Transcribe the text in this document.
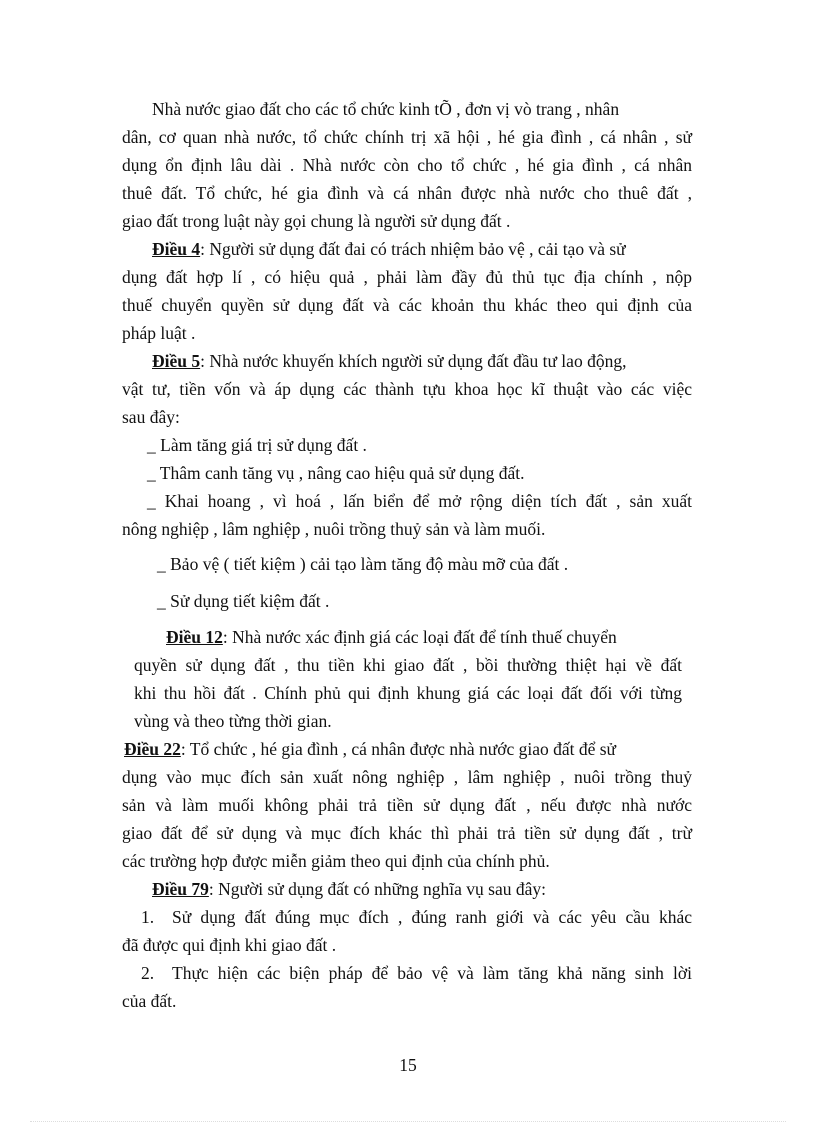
Nhà nước giao đất cho các tổ chức kinh tÕ , đơn vị vò trang , nhân
dân, cơ quan nhà nước, tổ chức chính trị xã hội , hé gia đình , cá nhân , sử
dụng ổn định lâu dài . Nhà nước còn cho tổ chức , hé gia đình , cá nhân
thuê đất. Tổ chức, hé gia đình và cá nhân được nhà nước cho thuê đất ,
giao đất trong luật này gọi chung là người sử dụng đất .
Điều 4: Người sử dụng đất đai có trách nhiệm bảo vệ , cải tạo và sử
dụng đất hợp lí , có hiệu quả , phải làm đầy đủ thủ tục địa chính , nộp
thuế chuyển quyền sử dụng đất và các khoản thu khác theo qui định của
pháp luật .
Điều 5: Nhà nước khuyến khích người sử dụng đất đầu tư lao động,
vật tư, tiền vốn và áp dụng các thành tựu khoa học kĩ thuật vào các việc
sau đây:
_ Làm tăng giá trị sử dụng đất .
_ Thâm canh tăng vụ , nâng cao hiệu quả sử dụng đất.
_ Khai hoang , vì hoá , lấn biển để mở rộng diện tích đất , sản xuất
nông nghiệp , lâm nghiệp , nuôi trồng thuỷ sản và làm muối.
_ Bảo vệ ( tiết kiệm ) cải tạo làm tăng độ màu mỡ của đất .
_ Sử dụng tiết kiệm đất .
Điều 12: Nhà nước xác định giá các loại đất để tính thuế chuyển
quyền sử dụng đất , thu tiền khi giao đất , bồi thường thiệt hại về đất
khi thu hồi đất . Chính phủ qui định khung giá các loại đất đối với từng
vùng và theo từng thời gian.
Điều 22: Tổ chức , hé gia đình , cá nhân được nhà nước giao đất để sử
dụng vào mục đích sản xuất nông nghiệp , lâm nghiệp , nuôi trồng thuỷ
sản và làm muối không phải trả tiền sử dụng đất , nếu được nhà nước
giao đất để sử dụng và mục đích khác thì phải trả tiền sử dụng đất , trừ
các trường hợp được miễn giảm theo qui định của chính phủ.
Điều 79: Người sử dụng đất có những nghĩa vụ sau đây:
1. Sử dụng đất đúng mục đích , đúng ranh giới và các yêu cầu khác
đã được qui định khi giao đất .
2. Thực hiện các biện pháp để bảo vệ và làm tăng khả năng sinh lời
của đất.
15
